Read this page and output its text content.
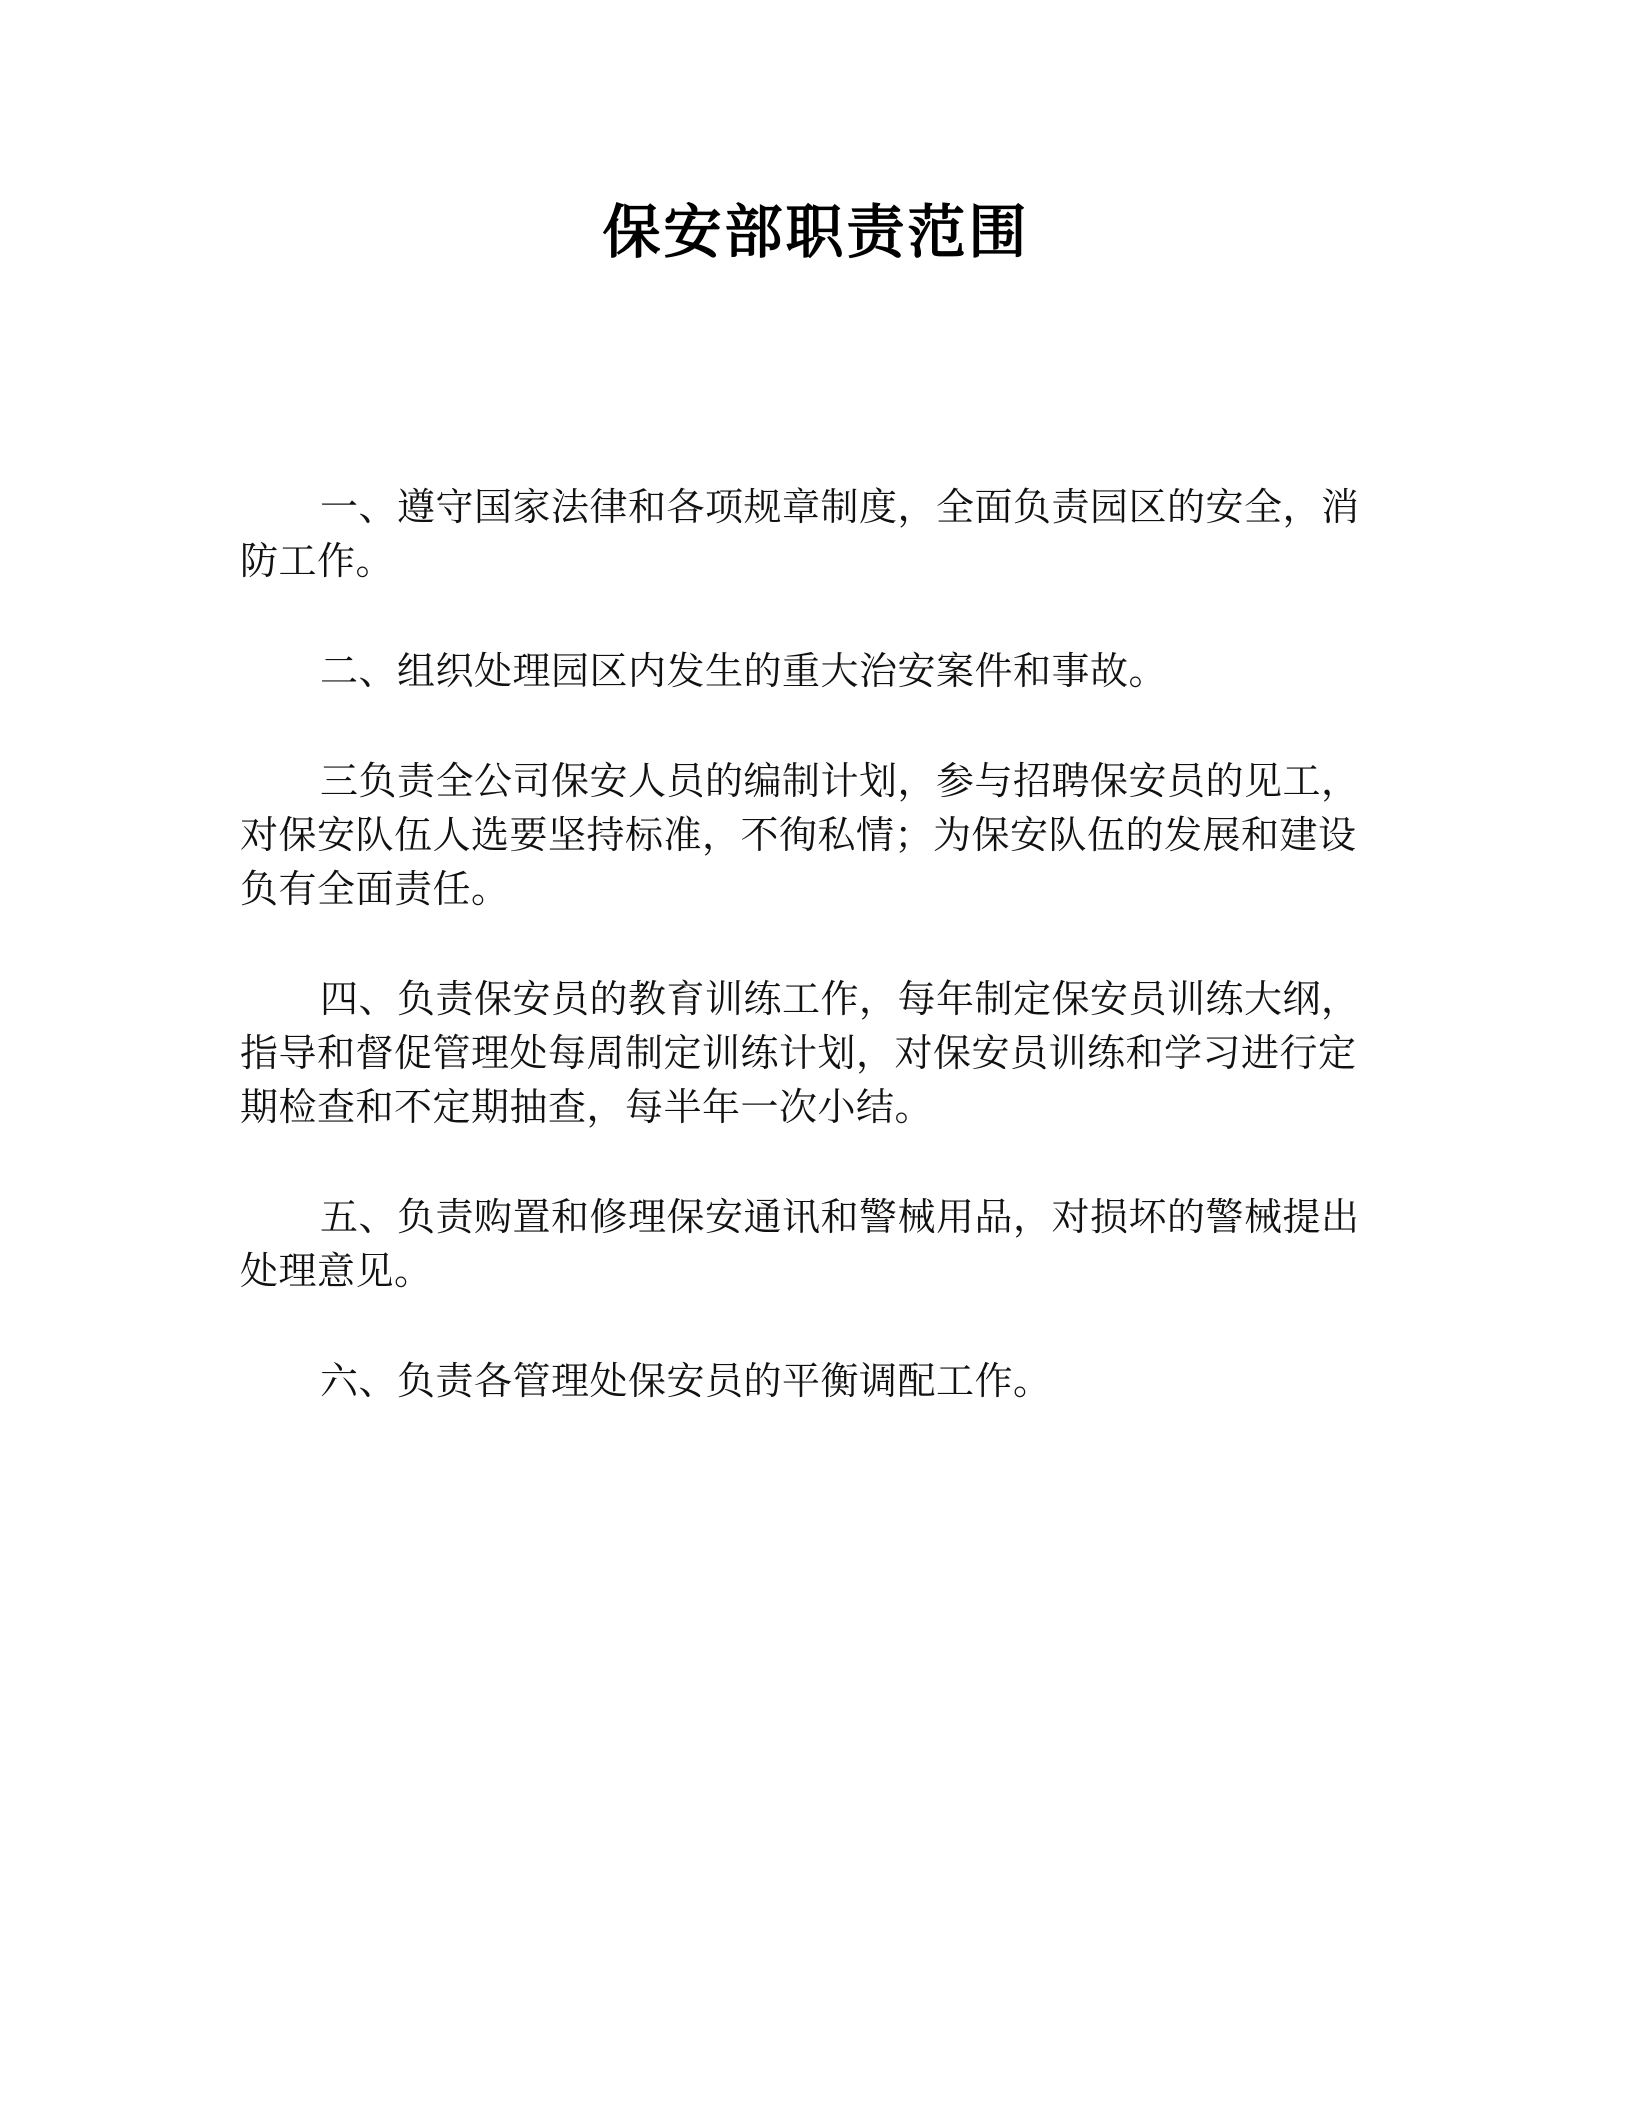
保安部职责范围

一、遵守国家法律和各项规章制度，全面负责园区的安全，消防工作。

二、组织处理园区内发生的重大治安案件和事故。

三负责全公司保安人员的编制计划，参与招聘保安员的见工，对保安队伍人选要坚持标准，不徇私情；为保安队伍的发展和建设负有全面责任。

四、负责保安员的教育训练工作，每年制定保安员训练大纲，指导和督促管理处每周制定训练计划，对保安员训练和学习进行定期检查和不定期抽查，每半年一次小结。

五、负责购置和修理保安通讯和警械用品，对损坏的警械提出处理意见。

六、负责各管理处保安员的平衡调配工作。
